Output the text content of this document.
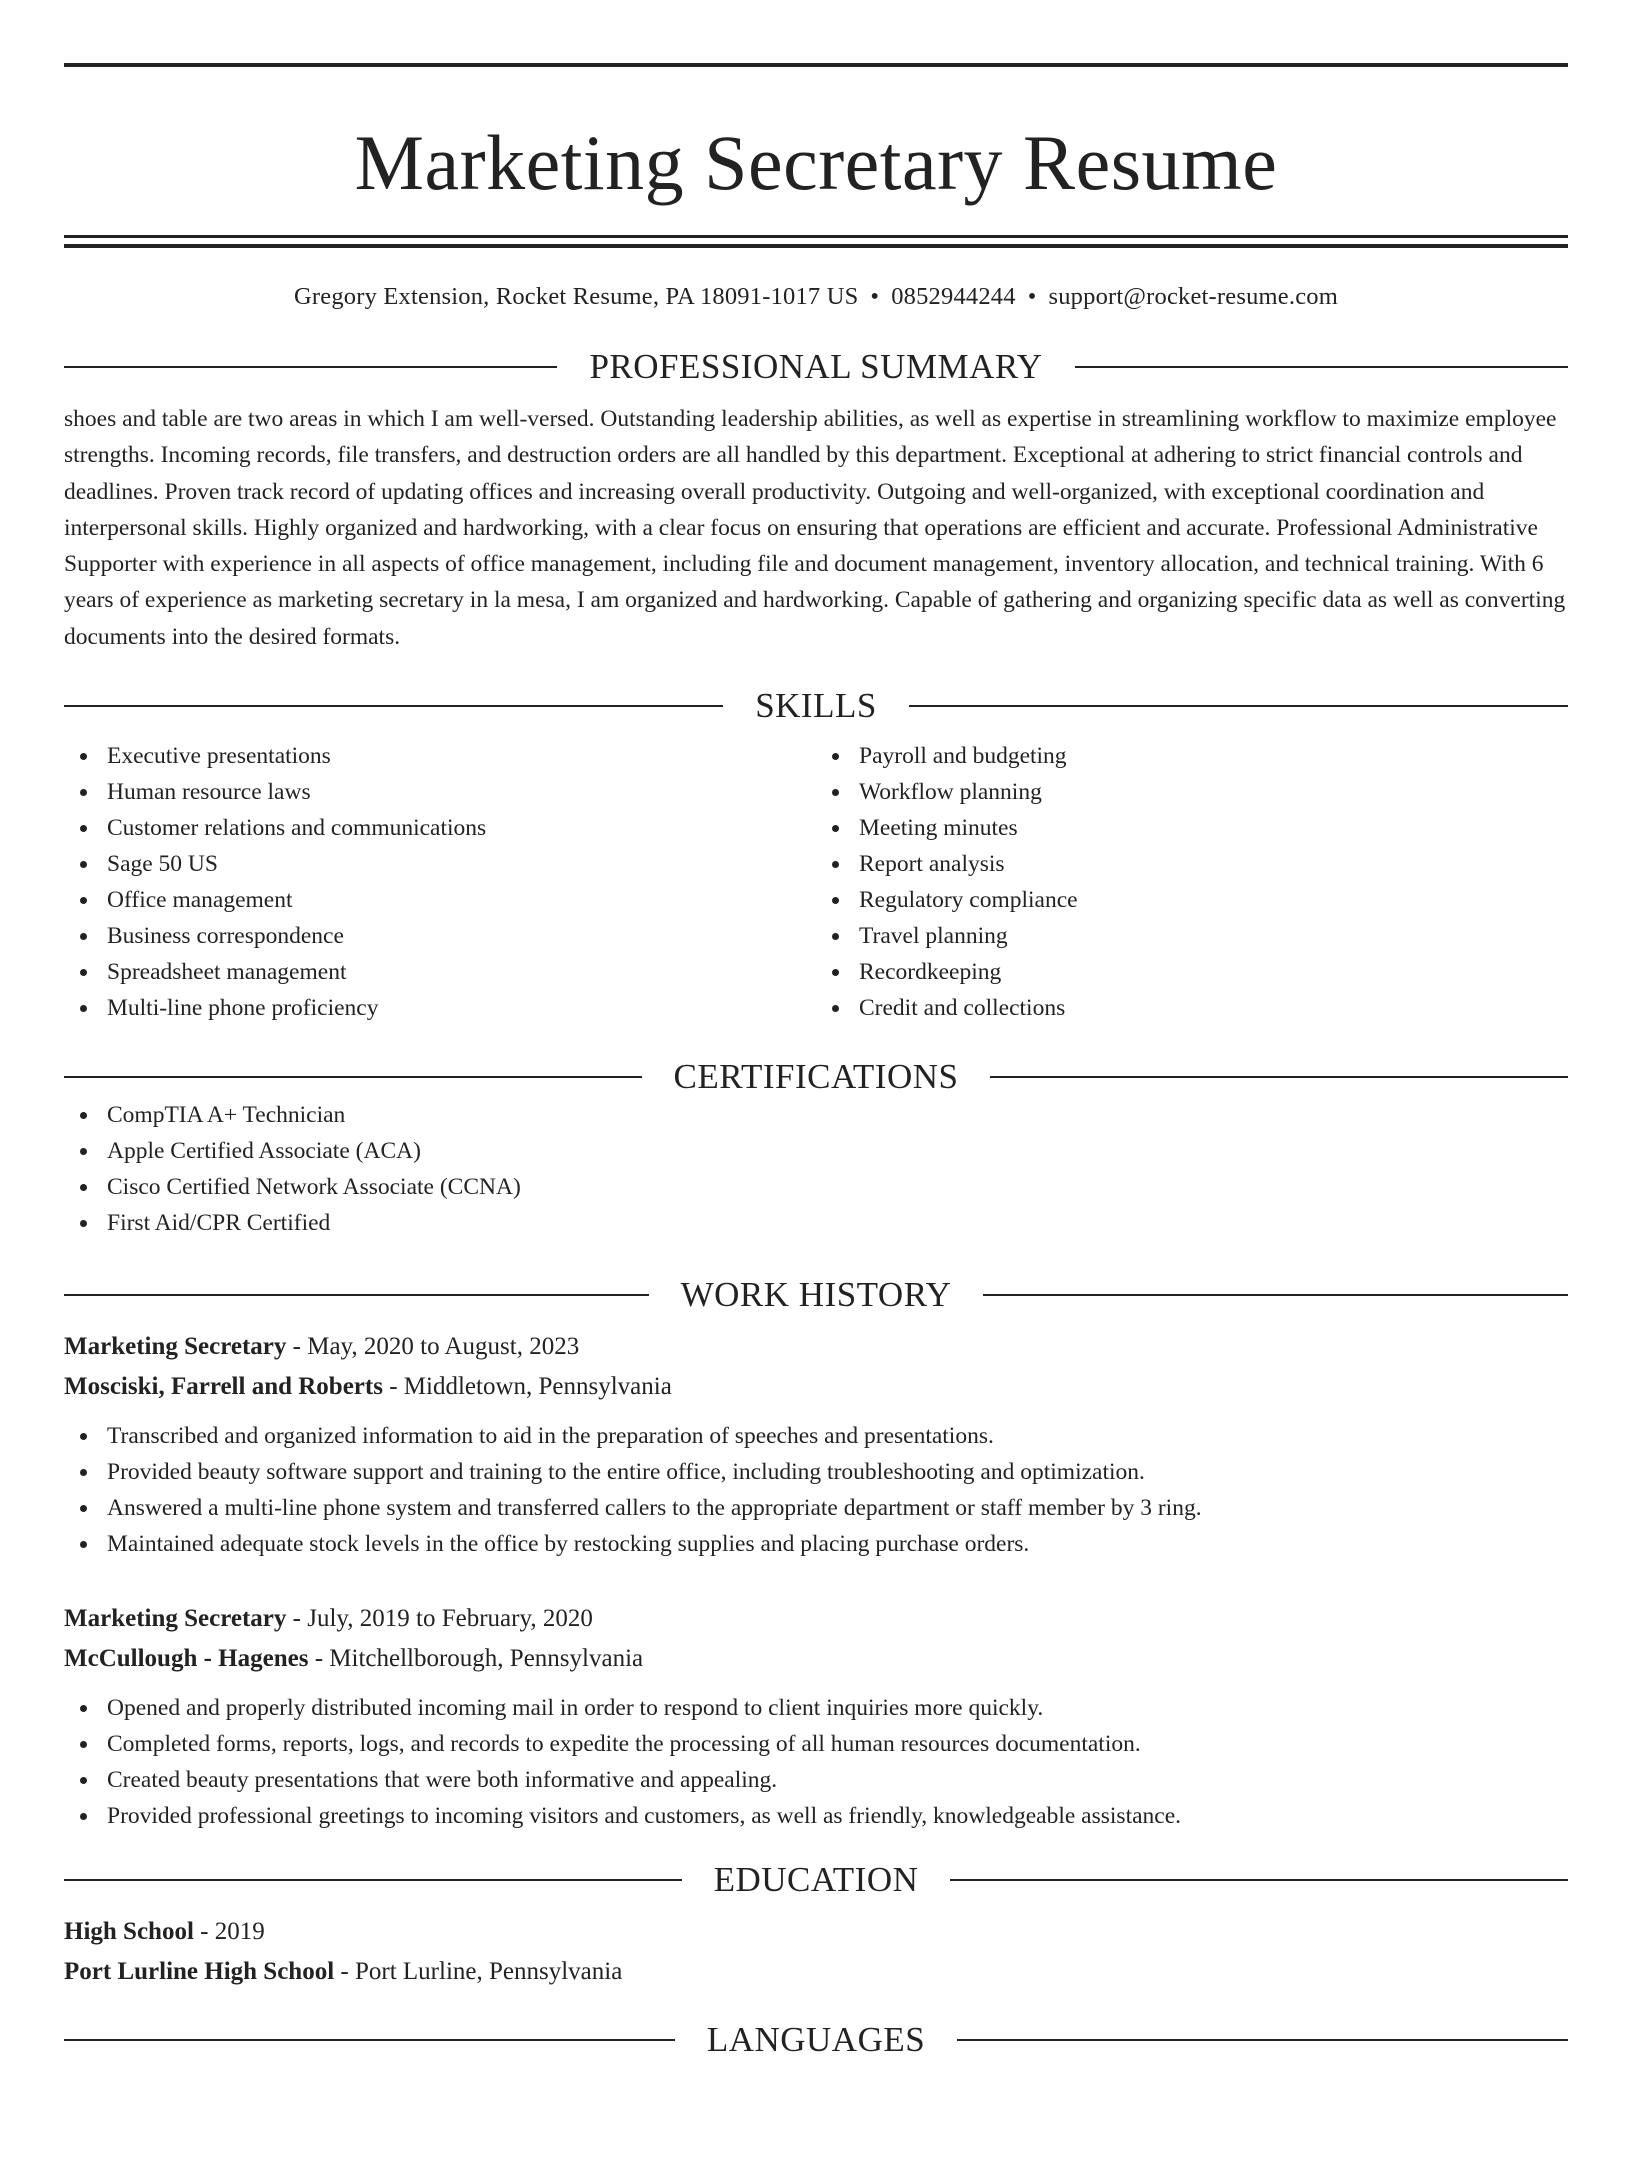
Marketing Secretary Resume
Gregory Extension, Rocket Resume, PA 18091-1017 US • 0852944244 • support@rocket-resume.com
PROFESSIONAL SUMMARY

shoes and table are two areas in which I am well-versed. Outstanding leadership abilities, as well as expertise in streamlining workflow to maximize employee strengths. Incoming records, file transfers, and destruction orders are all handled by this department. Exceptional at adhering to strict financial controls and deadlines. Proven track record of updating offices and increasing overall productivity. Outgoing and well-organized, with exceptional coordination and interpersonal skills. Highly organized and hardworking, with a clear focus on ensuring that operations are efficient and accurate. Professional Administrative Supporter with experience in all aspects of office management, including file and document management, inventory allocation, and technical training. With 6 years of experience as marketing secretary in la mesa, I am organized and hardworking. Capable of gathering and organizing specific data as well as converting documents into the desired formats.

SKILLS
Executive presentations
Human resource laws
Customer relations and communications
Sage 50 US
Office management
Business correspondence
Spreadsheet management
Multi-line phone proficiency
Payroll and budgeting
Workflow planning
Meeting minutes
Report analysis
Regulatory compliance
Travel planning
Recordkeeping
Credit and collections
CERTIFICATIONS
CompTIA A+ Technician
Apple Certified Associate (ACA)
Cisco Certified Network Associate (CCNA)
First Aid/CPR Certified
WORK HISTORY
Marketing Secretary - May, 2020 to August, 2023
Mosciski, Farrell and Roberts - Middletown, Pennsylvania
Transcribed and organized information to aid in the preparation of speeches and presentations.
Provided beauty software support and training to the entire office, including troubleshooting and optimization.
Answered a multi-line phone system and transferred callers to the appropriate department or staff member by 3 ring.
Maintained adequate stock levels in the office by restocking supplies and placing purchase orders.
Marketing Secretary - July, 2019 to February, 2020
McCullough - Hagenes - Mitchellborough, Pennsylvania
Opened and properly distributed incoming mail in order to respond to client inquiries more quickly.
Completed forms, reports, logs, and records to expedite the processing of all human resources documentation.
Created beauty presentations that were both informative and appealing.
Provided professional greetings to incoming visitors and customers, as well as friendly, knowledgeable assistance.
EDUCATION
High School - 2019
Port Lurline High School - Port Lurline, Pennsylvania
LANGUAGES
